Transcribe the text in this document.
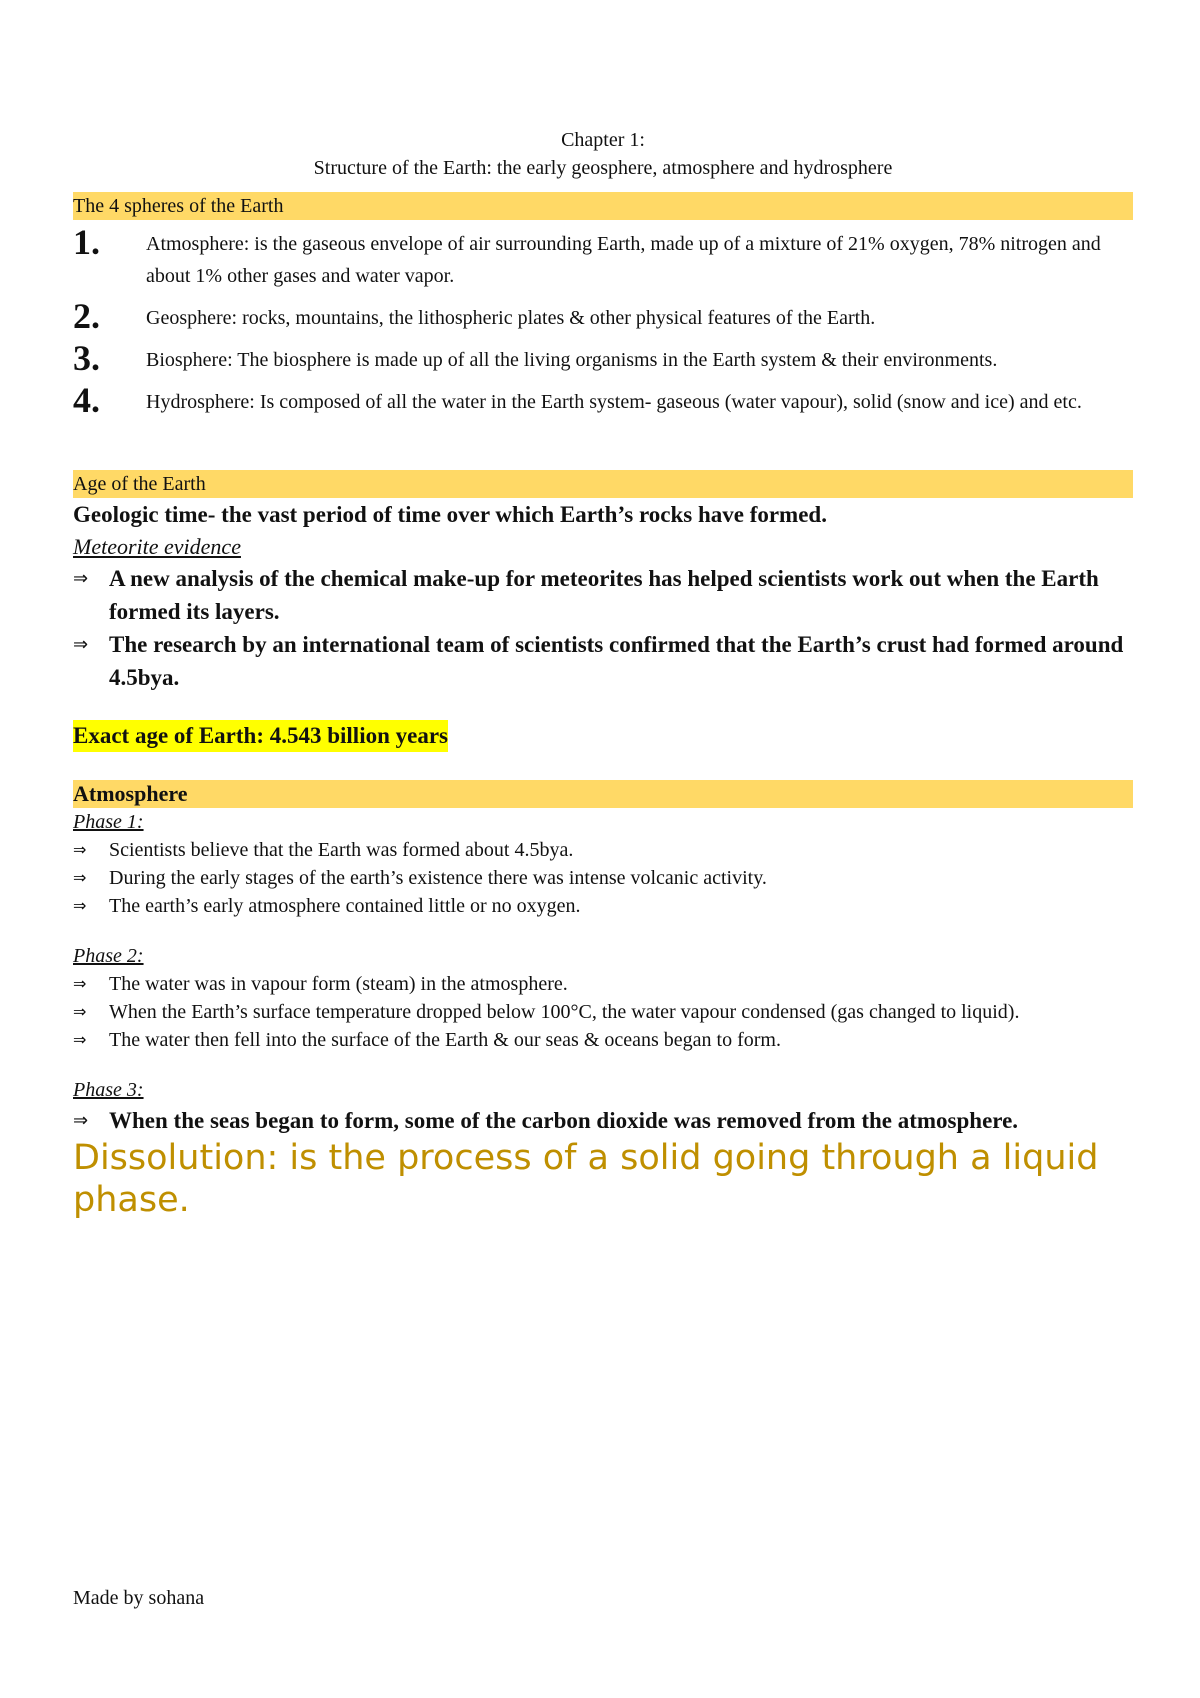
Chapter 1:
Structure of the Earth: the early geosphere, atmosphere and hydrosphere
The 4 spheres of the Earth
1.	Atmosphere: is the gaseous envelope of air surrounding Earth, made up of a mixture of 21% oxygen, 78% nitrogen and about 1% other gases and water vapor.
2.	Geosphere: rocks, mountains, the lithospheric plates & other physical features of the Earth.
3.	Biosphere: The biosphere is made up of all the living organisms in the Earth system & their environments.
4.	Hydrosphere: Is composed of all the water in the Earth system- gaseous (water vapour), solid (snow and ice) and etc.
Age of the Earth
Geologic time- the vast period of time over which Earth’s rocks have formed.
Meteorite evidence
⇒ A new analysis of the chemical make-up for meteorites has helped scientists work out when the Earth formed its layers.
⇒ The research by an international team of scientists confirmed that the Earth’s crust had formed around 4.5bya.
Exact age of Earth: 4.543 billion years
Atmosphere
Phase 1:
⇒	Scientists believe that the Earth was formed about 4.5bya.
⇒	During the early stages of the earth’s existence there was intense volcanic activity.
⇒	The earth’s early atmosphere contained little or no oxygen.
Phase 2:
⇒	The water was in vapour form (steam) in the atmosphere.
⇒	When the Earth’s surface temperature dropped below 100°C, the water vapour condensed (gas changed to liquid).
⇒	The water then fell into the surface of the Earth & our seas & oceans began to form.
Phase 3:
⇒ When the seas began to form, some of the carbon dioxide was removed from the atmosphere.
Dissolution: is the process of a solid going through a liquid phase.
Made by sohana
